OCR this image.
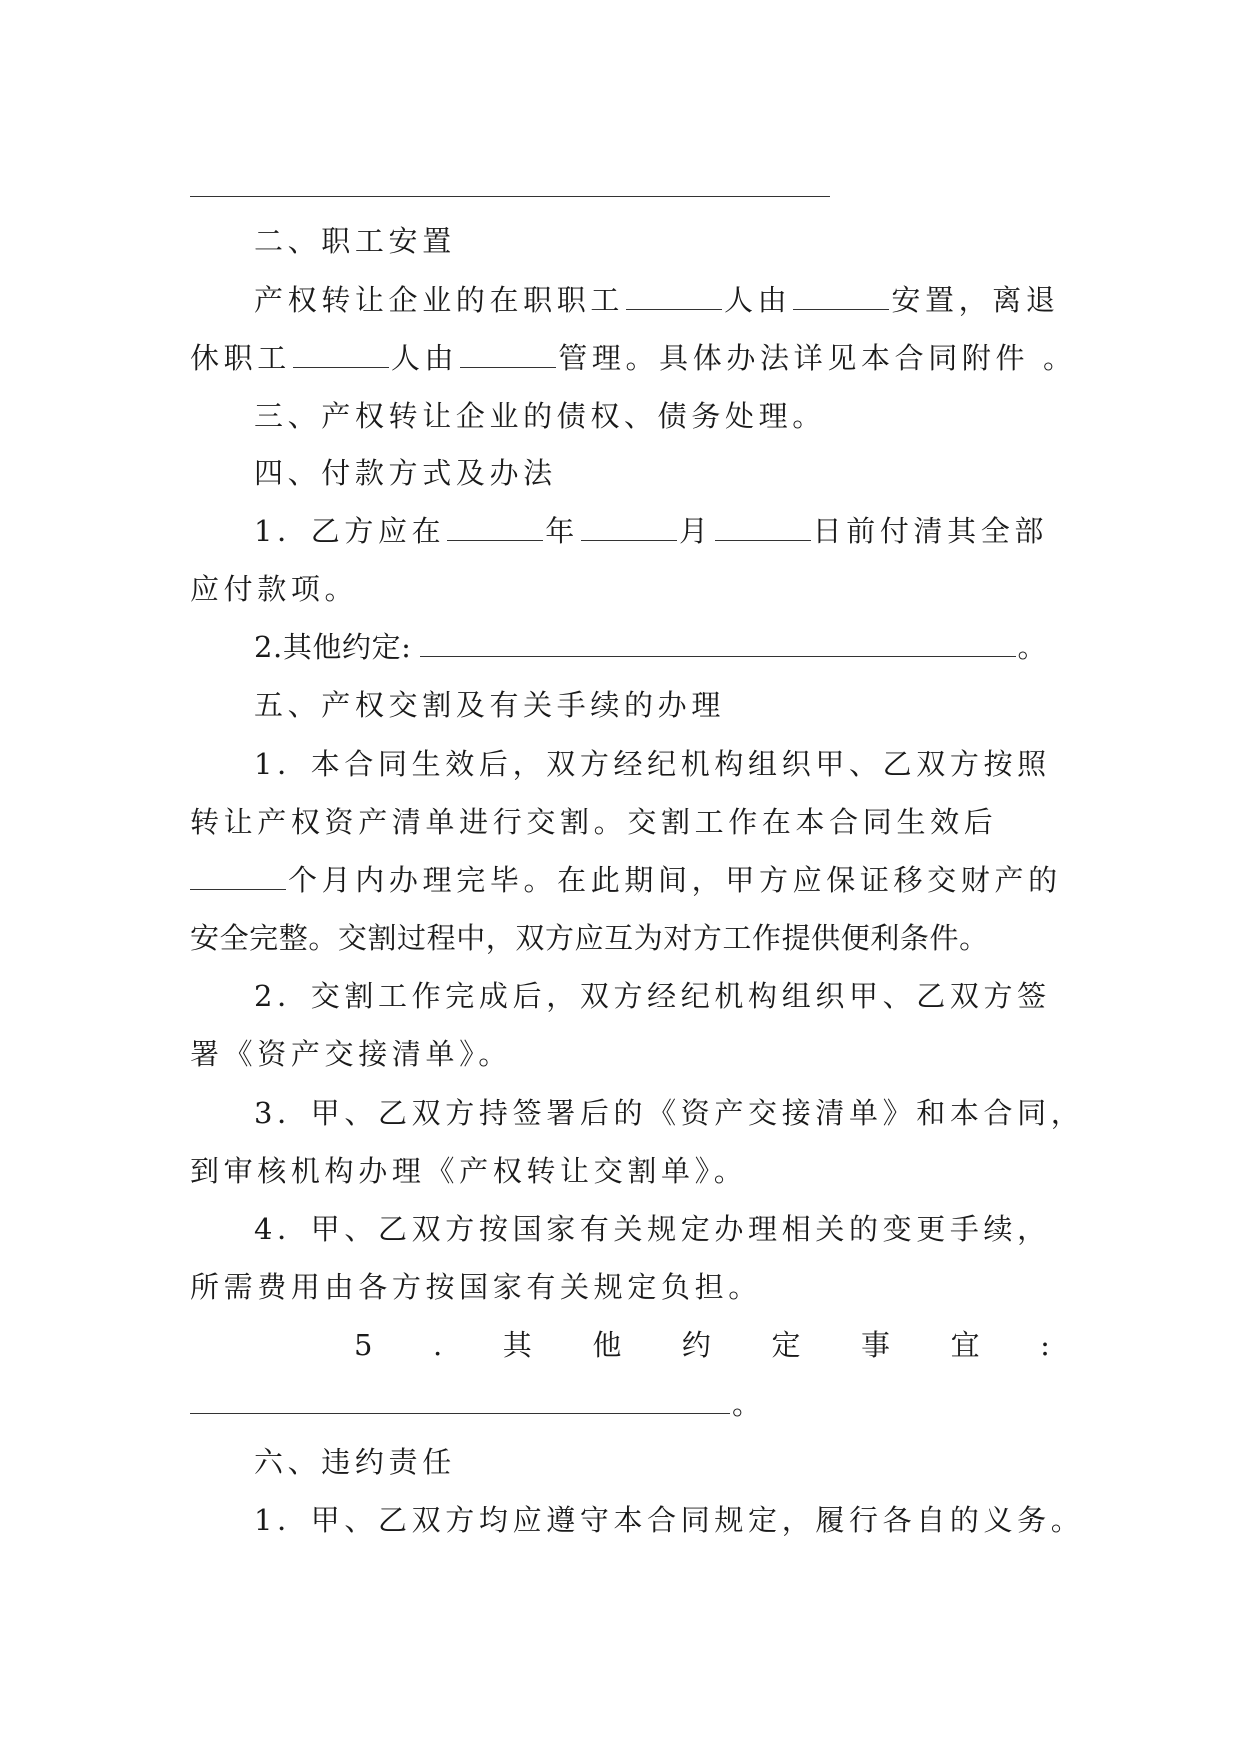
二、职工安置
产权转让企业的在职职工	人由	安置，离退
休职工	人由	管理。具体办法详见本合同附件 。
三、产权转让企业的债权、债务处理。
四、付款方式及办法
1．乙方应在	年	月	日前付清其全部
应付款项。
2.其他约定:	。
五、产权交割及有关手续的办理
1．本合同生效后，双方经纪机构组织甲、乙双方按照
转让产权资产清单进行交割。交割工作在本合同生效后
个月内办理完毕。在此期间，甲方应保证移交财产的
安全完整。交割过程中，双方应互为对方工作提供便利条件。
2．交割工作完成后，双方经纪机构组织甲、乙双方签
署《资产交接清单》。
3．甲、乙双方持签署后的《资产交接清单》和本合同，
到审核机构办理《产权转让交割单》。
4．甲、乙双方按国家有关规定办理相关的变更手续，
所需费用由各方按国家有关规定负担。
5 . 其 他 约 定 事 宜 :
。
六、违约责任
1．甲、乙双方均应遵守本合同规定，履行各自的义务。
